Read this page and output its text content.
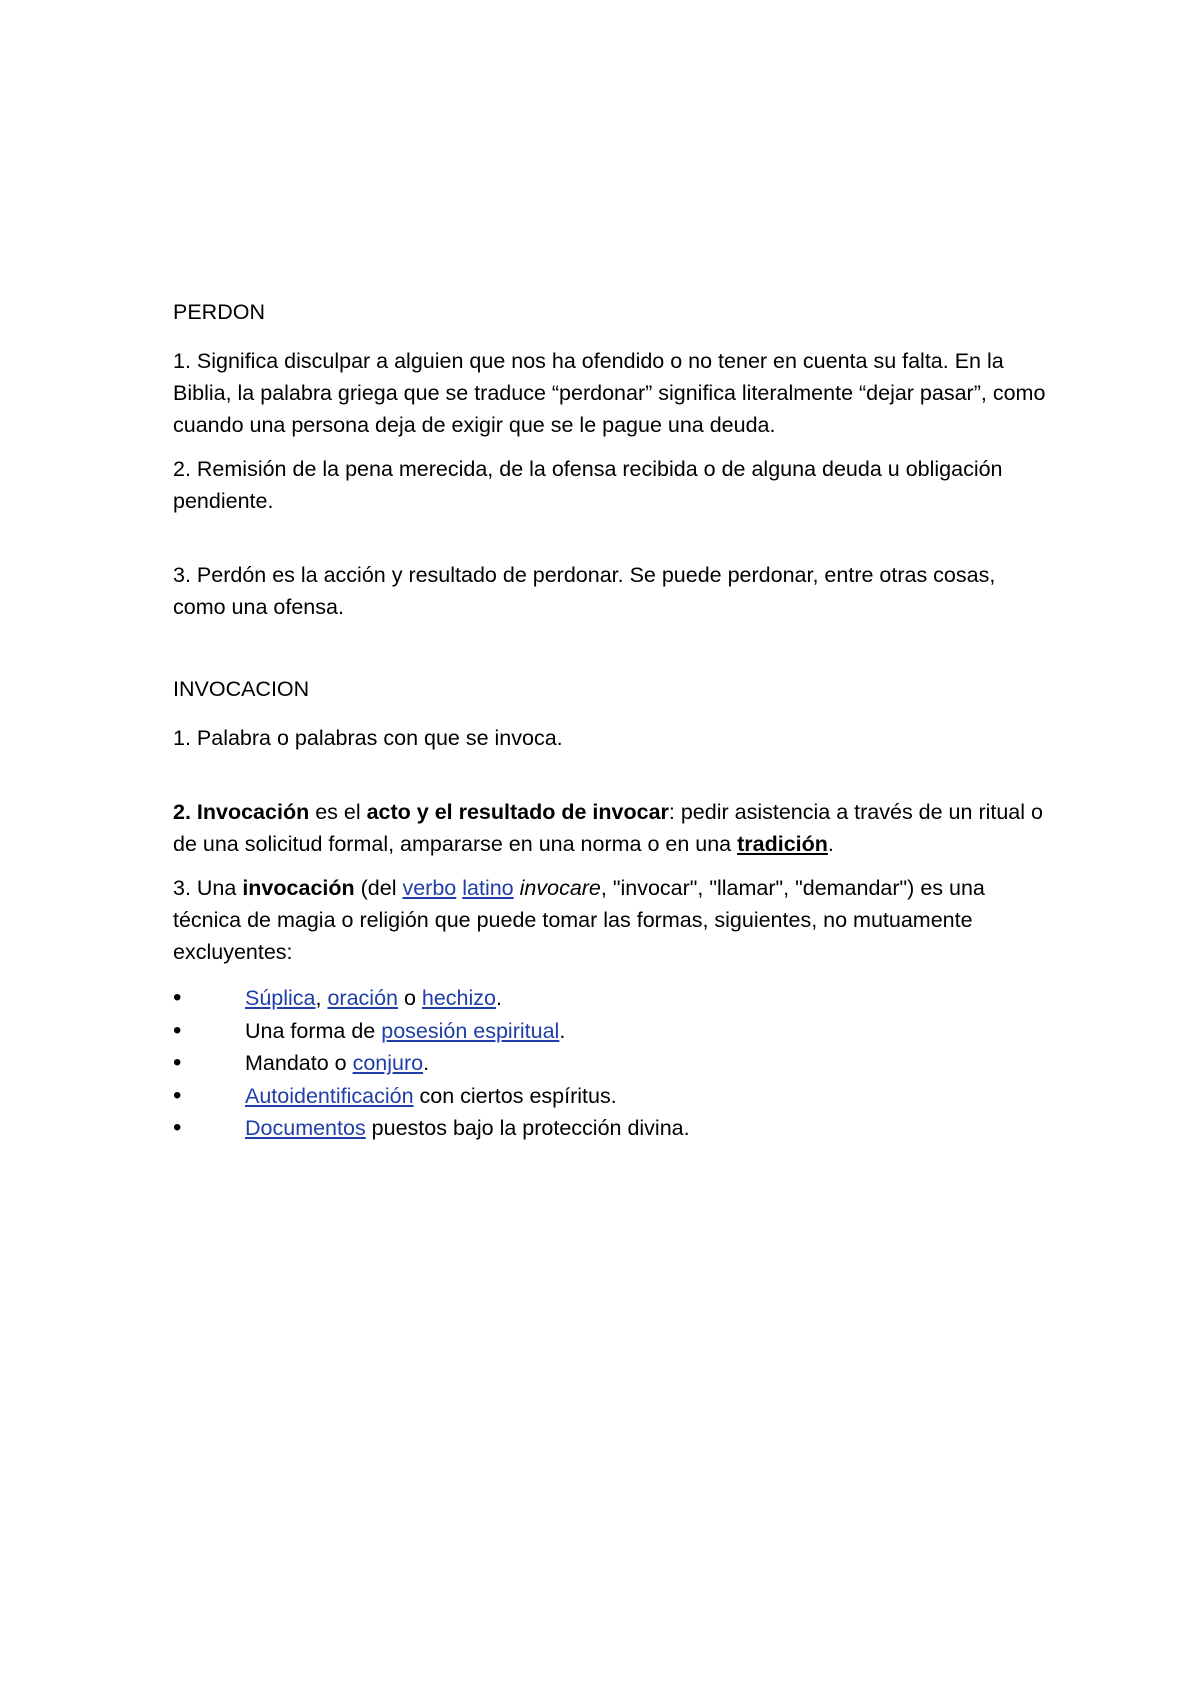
PERDON
1. Significa disculpar a alguien que nos ha ofendido o no tener en cuenta su falta. En la Biblia, la palabra griega que se traduce “perdonar” significa literalmente “dejar pasar”, como cuando una persona deja de exigir que se le pague una deuda.
2. Remisión de la pena merecida, de la ofensa recibida o de alguna deuda u obligación pendiente.
3. Perdón es la acción y resultado de perdonar. Se puede perdonar, entre otras cosas, como una ofensa.
INVOCACION
1. Palabra o palabras con que se invoca.
2. Invocación es el acto y el resultado de invocar: pedir asistencia a través de un ritual o de una solicitud formal, ampararse en una norma o en una tradición.
3. Una invocación (del verbo latino invocare, "invocar", "llamar", "demandar") es una técnica de magia o religión que puede tomar las formas, siguientes, no mutuamente excluyentes:
•	Súplica, oración o hechizo.
•	Una forma de posesión espiritual.
•	Mandato o conjuro.
•	Autoidentificación con ciertos espíritus.
•	Documentos puestos bajo la protección divina.
